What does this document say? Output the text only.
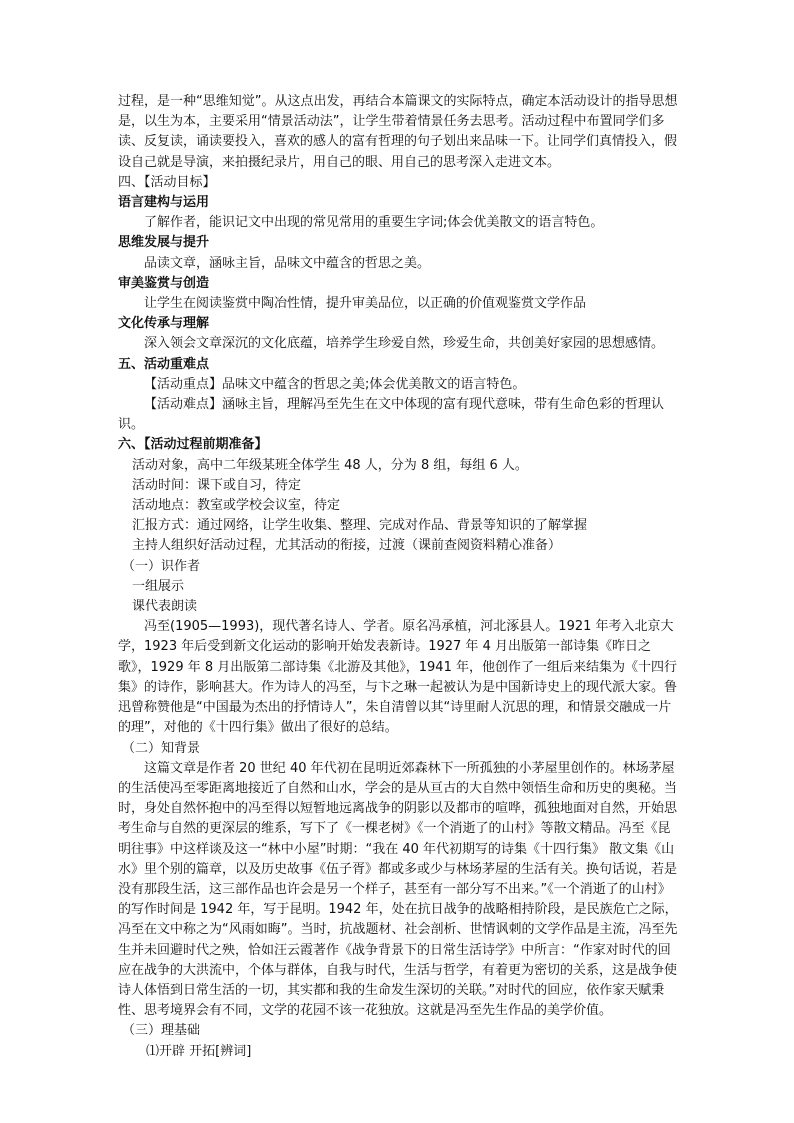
过程，是一种“思维知觉”。从这点出发，再结合本篇课文的实际特点，确定本活动设计的指导思想是，以生为本，主要采用“情景活动法”，让学生带着情景任务去思考。活动过程中布置同学们多读、反复读，诵读要投入，喜欢的感人的富有哲理的句子划出来品味一下。让同学们真情投入，假设自己就是导演，来拍摄纪录片，用自己的眼、用自己的思考深入走进文本。

四、【活动目标】

语言建构与运用

了解作者，能识记文中出现的常见常用的重要生字词;体会优美散文的语言特色。

思维发展与提升

品读文章，涵咏主旨，品味文中蕴含的哲思之美。

审美鉴赏与创造

让学生在阅读鉴赏中陶冶性情，提升审美品位，以正确的价值观鉴赏文学作品

文化传承与理解

深入领会文章深沉的文化底蕴，培养学生珍爱自然，珍爱生命，共创美好家园的思想感情。

五、活动重难点

【活动重点】品味文中蕴含的哲思之美;体会优美散文的语言特色。

【活动难点】涵咏主旨，理解冯至先生在文中体现的富有现代意味，带有生命色彩的哲理认识。

六、【活动过程前期准备】

活动对象，高中二年级某班全体学生 48 人，分为 8 组，每组 6 人。

活动时间：课下或自习，待定

活动地点：教室或学校会议室，待定

汇报方式：通过网络，让学生收集、整理、完成对作品、背景等知识的了解掌握

主持人组织好活动过程，尤其活动的衔接，过渡（课前查阅资料精心准备）

（一）识作者

一组展示

课代表朗读

冯至(1905—1993)，现代著名诗人、学者。原名冯承植，河北涿县人。1921 年考入北京大学，1923 年后受到新文化运动的影响开始发表新诗。1927 年 4 月出版第一部诗集《昨日之歌》，1929 年 8 月出版第二部诗集《北游及其他》，1941 年，他创作了一组后来结集为《十四行集》的诗作，影响甚大。作为诗人的冯至，与卞之琳一起被认为是中国新诗史上的现代派大家。鲁迅曾称赞他是“中国最为杰出的抒情诗人”，朱自清曾以其“诗里耐人沉思的理，和情景交融成一片的理”，对他的《十四行集》做出了很好的总结。

（二）知背景

这篇文章是作者 20 世纪 40 年代初在昆明近郊森林下一所孤独的小茅屋里创作的。林场茅屋的生活使冯至零距离地接近了自然和山水，学会的是从亘古的大自然中领悟生命和历史的奥秘。当时，身处自然怀抱中的冯至得以短暂地远离战争的阴影以及都市的喧哗，孤独地面对自然，开始思考生命与自然的更深层的维系，写下了《一棵老树》《一个消逝了的山村》等散文精品。冯至《昆明往事》中这样谈及这一“林中小屋”时期：“我在 40 年代初期写的诗集《十四行集》 散文集《山水》里个别的篇章，以及历史故事《伍子胥》都或多或少与林场茅屋的生活有关。换句话说，若是没有那段生活，这三部作品也许会是另一个样子，甚至有一部分写不出来。”《一个消逝了的山村》的写作时间是 1942 年，写于昆明。1942 年，处在抗日战争的战略相持阶段，是民族危亡之际，冯至在文中称之为“风雨如晦”。当时，抗战题材、社会剖析、世情讽刺的文学作品是主流，冯至先生并未回避时代之殃，恰如汪云霞著作《战争背景下的日常生活诗学》中所言：“作家对时代的回应在战争的大洪流中，个体与群体，自我与时代，生活与哲学，有着更为密切的关系，这是战争使诗人体悟到日常生活的一切，其实都和我的生命发生深切的关联。”对时代的回应，依作家天赋秉性、思考境界会有不同，文学的花园不该一花独放。这就是冯至先生作品的美学价值。

（三）理基础

⑴开辟 开拓[辨词]
